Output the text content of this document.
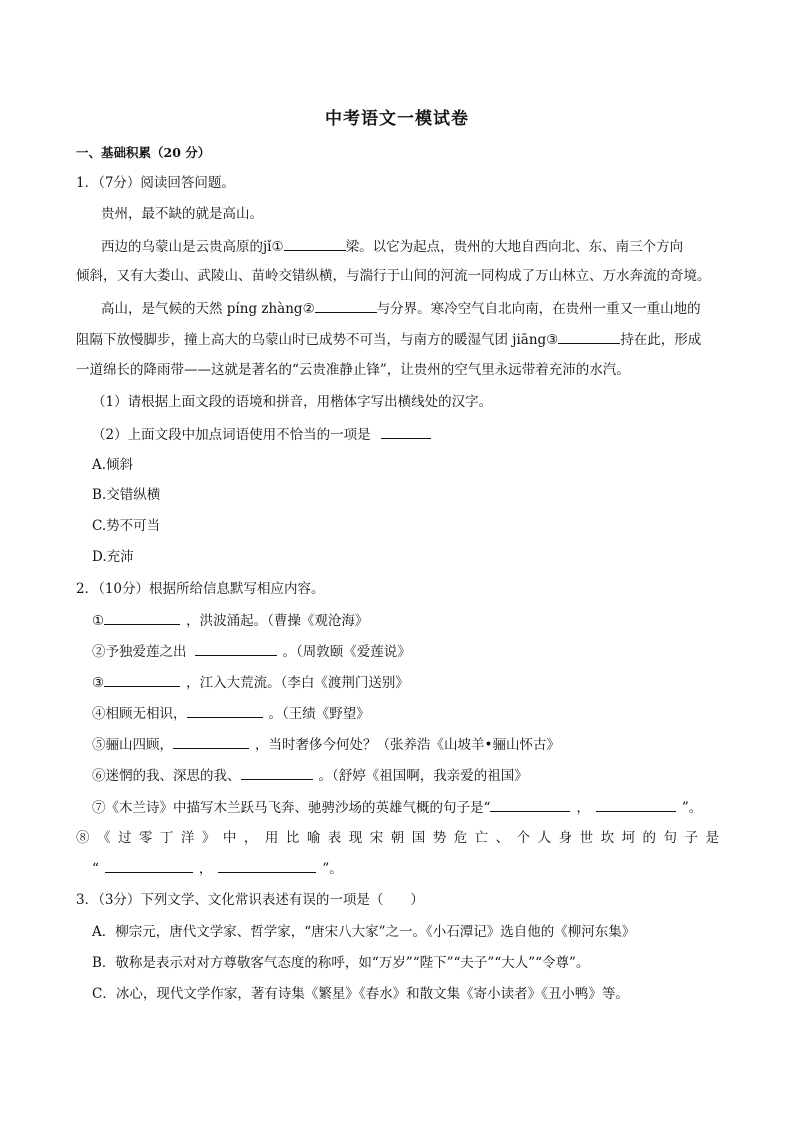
中考语文一模试卷
一、基础积累（20 分）
1．（7分）阅读回答问题。
贵州，最不缺的就是高山。
西边的乌蒙山是云贵高原的jǐ①	梁。以它为起点，贵州的大地自西向北、东、南三个方向
倾斜，又有大娄山、武陵山、苗岭交错纵横，与湍行于山间的河流一同构成了万山林立、万水奔流的奇境。
高山，是气候的天然 píng zhàng②	与分界。寒冷空气自北向南，在贵州一重又一重山地的
阻隔下放慢脚步，撞上高大的乌蒙山时已成势不可当，与南方的暖湿气团 jiāng③	持在此，形成
一道绵长的降雨带——这就是著名的“云贵准静止锋”，让贵州的空气里永远带着充沛的水汽。
（1）请根据上面文段的语境和拼音，用楷体字写出横线处的汉字。
（2）上面文段中加点词语使用不恰当的一项是
A.倾斜
B.交错纵横
C.势不可当
D.充沛
2．（10分）根据所给信息默写相应内容。
①	，洪波涌起。（曹操《观沧海》
②予独爱莲之出	。（周敦颐《爱莲说》
③	，江入大荒流。（李白《渡荆门送别》
④相顾无相识，	。（王绩《野望》
⑤骊山四顾，	，当时奢侈今何处？（张养浩《山坡羊•骊山怀古》
⑥迷惘的我、深思的我、	。（舒婷《祖国啊，我亲爱的祖国》
⑦《木兰诗》中描写木兰跃马飞奔、驰骋沙场的英雄气概的句子是“	，	”。
⑧《过零丁洋》中，用比喻表现宋朝国势危亡、个人身世坎坷的句子是
“	，	”。
3．（3分）下列文学、文化常识表述有误的一项是（　　）
A．柳宗元，唐代文学家、哲学家，“唐宋八大家”之一。《小石潭记》选自他的《柳河东集》
B．敬称是表示对对方尊敬客气态度的称呼，如“万岁”“陛下”“夫子”“大人”“令尊”。
C．冰心，现代文学作家，著有诗集《繁星》《春水》和散文集《寄小读者》《丑小鸭》等。
